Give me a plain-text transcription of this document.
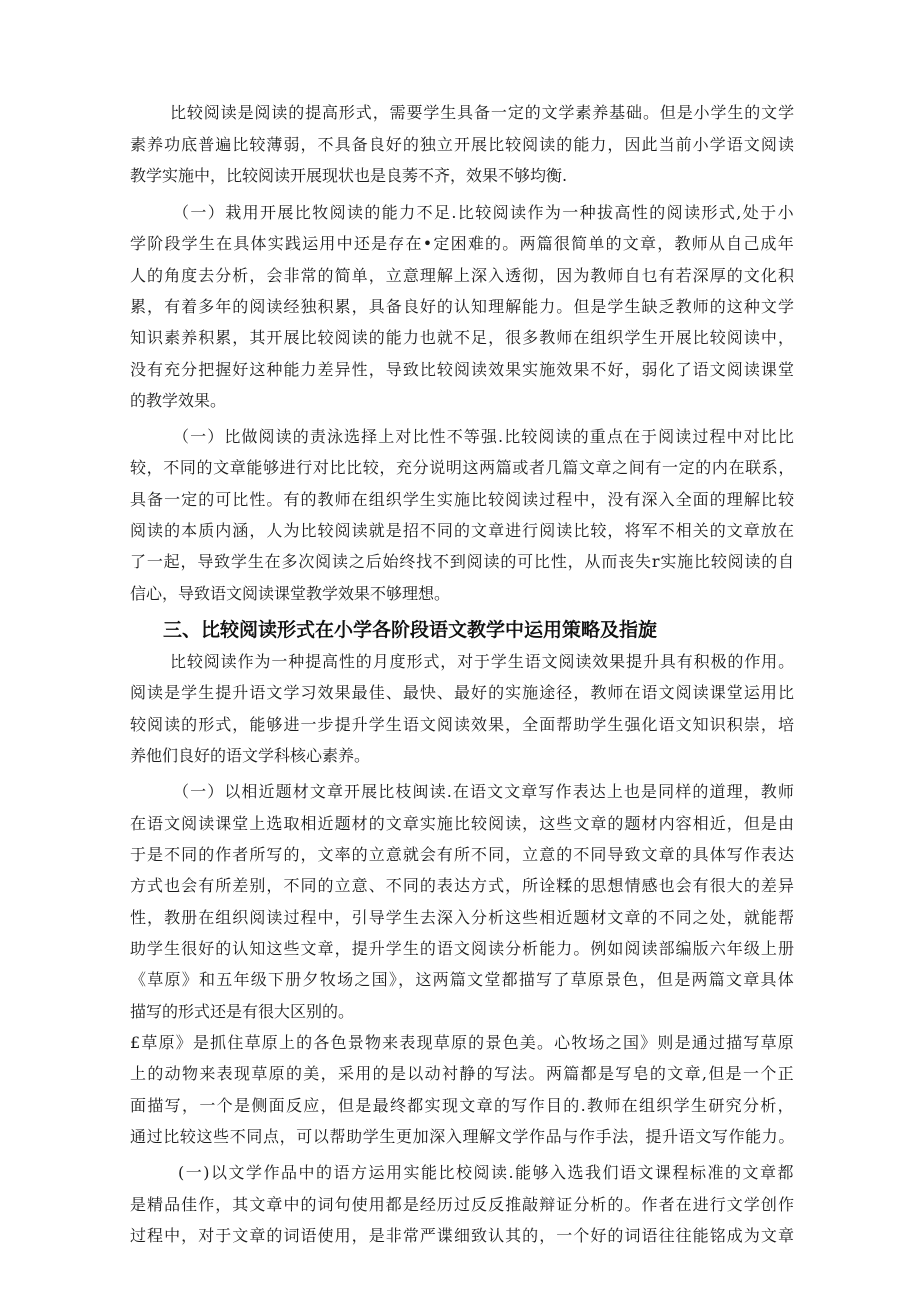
比较阅读是阅读的提高形式，需要学生具备一定的文学素养基础。但是小学生的文学
素养功底普遍比较薄弱，不具备良好的独立开展比较阅读的能力，因此当前小学语文阅读
教学实施中，比较阅读开展现状也是良莠不齐，效果不够均衡.
（一）栽用开展比牧阅读的能力不足.比较阅读作为一种拔高性的阅读形式,处于小
学阶段学生在具体实践运用中还是存在•定困难的。两篇很简单的文章，教师从自己成年
人的角度去分析，会非常的简单，立意理解上深入透彻，因为教师自乜有若深厚的文化积
累，有着多年的阅读经独积累，具备良好的认知理解能力。但是学生缺乏教师的这种文学
知识素养积累，其开展比较阅读的能力也就不足，很多教师在组织学生开展比较阅读中，
没有充分把握好这种能力差异性，导致比较阅读效果实施效果不好，弱化了语文阅读课堂
的教学效果。
（一）比做阅读的责泳选择上对比性不等强.比较阅读的重点在于阅读过程中对比比
较，不同的文章能够进行对比比较，充分说明这两篇或者几篇文章之间有一定的内在联系，
具备一定的可比性。有的教师在组织学生实施比较阅读过程中，没有深入全面的理解比较
阅读的本质内涵，人为比较阅读就是招不同的文章进行阅读比较，将军不相关的文章放在
了一起，导致学生在多次阅读之后始终找不到阅读的可比性，从而丧失r实施比较阅读的自
信心，导致语文阅读课堂教学效果不够理想。
三、比较阅读形式在小学各阶段语文教学中运用策略及指旋
比较阅读作为一种提高性的月度形式，对于学生语文阅读效果提升具有积极的作用。
阅读是学生提升语文学习效果最佳、最快、最好的实施途径，教师在语文阅读课堂运用比
较阅读的形式，能够进一步提升学生语文阅读效果，全面帮助学生强化语文知识积崇，培
养他们良好的语文学科核心素养。
（一）以相近题材文章开展比枝闽读.在语文文章写作表达上也是同样的道理，教师
在语文阅读课堂上选取相近题材的文章实施比较阅读，这些文章的题材内容相近，但是由
于是不同的作者所写的，文率的立意就会有所不同，立意的不同导致文章的具体写作表达
方式也会有所差别，不同的立意、不同的表达方式，所诠糅的思想情感也会有很大的差异
性，教册在组织阅读过程中，引导学生去深入分析这些相近题材文章的不同之处，就能帮
助学生很好的认知这些文章，提升学生的语文阅读分析能力。例如阅读部编版六年级上册
《草原》和五年级下册夕牧场之国》，这两篇文堂都描写了草原景色，但是两篇文章具体
描写的形式还是有很大区别的。
£草原》是抓住草原上的各色景物来表现草原的景色美。心牧场之国》则是通过描写草原
上的动物来表现草原的美，采用的是以动衬静的写法。两篇都是写皂的文章,但是一个正
面描写，一个是侧面反应，但是最终都实现文章的写作目的.教师在组织学生研究分析，
通过比较这些不同点，可以帮助学生更加深入理解文学作品与作手法，提升语文写作能力。
(一)以文学作品中的语方运用实能比校阅读.能够入选我们语文课程标准的文章都
是精品佳作，其文章中的词句使用都是经历过反反推敲辩证分析的。作者在进行文学创作
过程中，对于文章的词语使用，是非常严谍细致认其的，一个好的词语往往能铭成为文章
